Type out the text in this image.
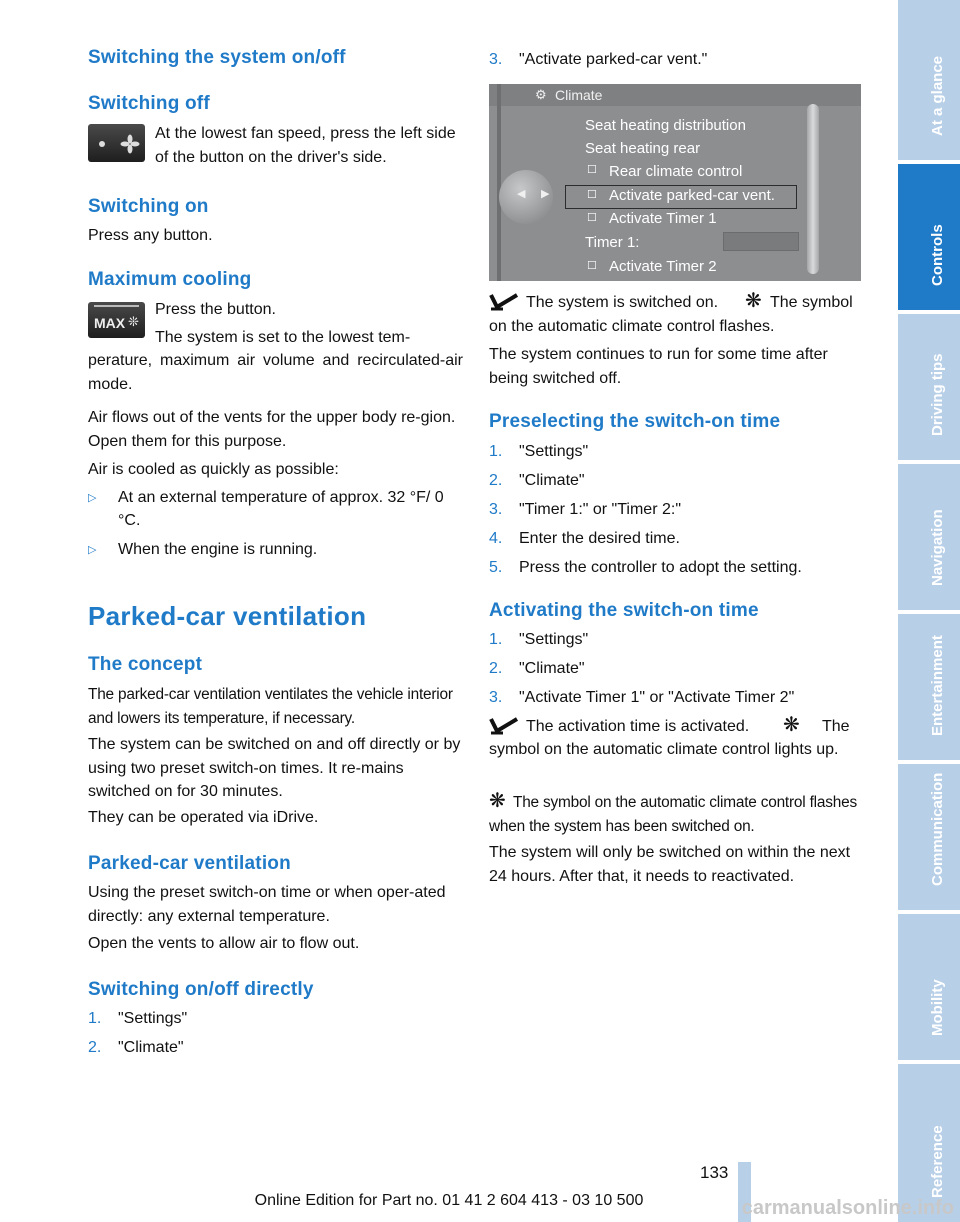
Switching the system on/off
Switching off

At the lowest fan speed, press the left side of the button on the driver's side.

Switching on

Press any button.

Maximum cooling
MAX ❊

Press the button.

The system is set to the lowest tem-

perature, maximum air volume and recirculated-air mode.

Air flows out of the vents for the upper body re-gion. Open them for this purpose.

Air is cooled as quickly as possible:

▷ At an external temperature of approx. 32 °F/ 0 °C.
▷ When the engine is running.
Parked-car ventilation
The concept

The parked-car ventilation ventilates the vehicle interior and lowers its temperature, if necessary.

The system can be switched on and off directly or by using two preset switch-on times. It re-mains switched on for 30 minutes.

They can be operated via iDrive.

Parked-car ventilation

Using the preset switch-on time or when oper-ated directly: any external temperature.

Open the vents to allow air to flow out.

Switching on/off directly
1. "Settings"
2. "Climate"
3. "Activate parked-car vent."
⚙ Climate
◀ ▶
Seat heating distribution
Seat heating rear
☐ Rear climate control
☐ Activate parked-car vent.
☐ Activate Timer 1
Timer 1:
☐ Activate Timer 2
The system is switched on. ❋ The symbol on the automatic climate control flashes.

The system continues to run for some time after being switched off.

Preselecting the switch-on time
1. "Settings"
2. "Climate"
3. "Timer 1:" or "Timer 2:"
4. Enter the desired time.
5. Press the controller to adopt the setting.
Activating the switch-on time
1. "Settings"
2. "Climate"
3. "Activate Timer 1" or "Activate Timer 2"
The activation time is activated. ❋ The

symbol on the automatic climate control lights up.

❋ The symbol on the automatic climate control flashes when the system has been switched on.

The system will only be switched on within the next 24 hours. After that, it needs to reactivated.

At a glance
Controls
Driving tips
Navigation
Entertainment
Communication
Mobility
Reference
133
Online Edition for Part no. 01 41 2 604 413 - 03 10 500	carmanualsonline.info
